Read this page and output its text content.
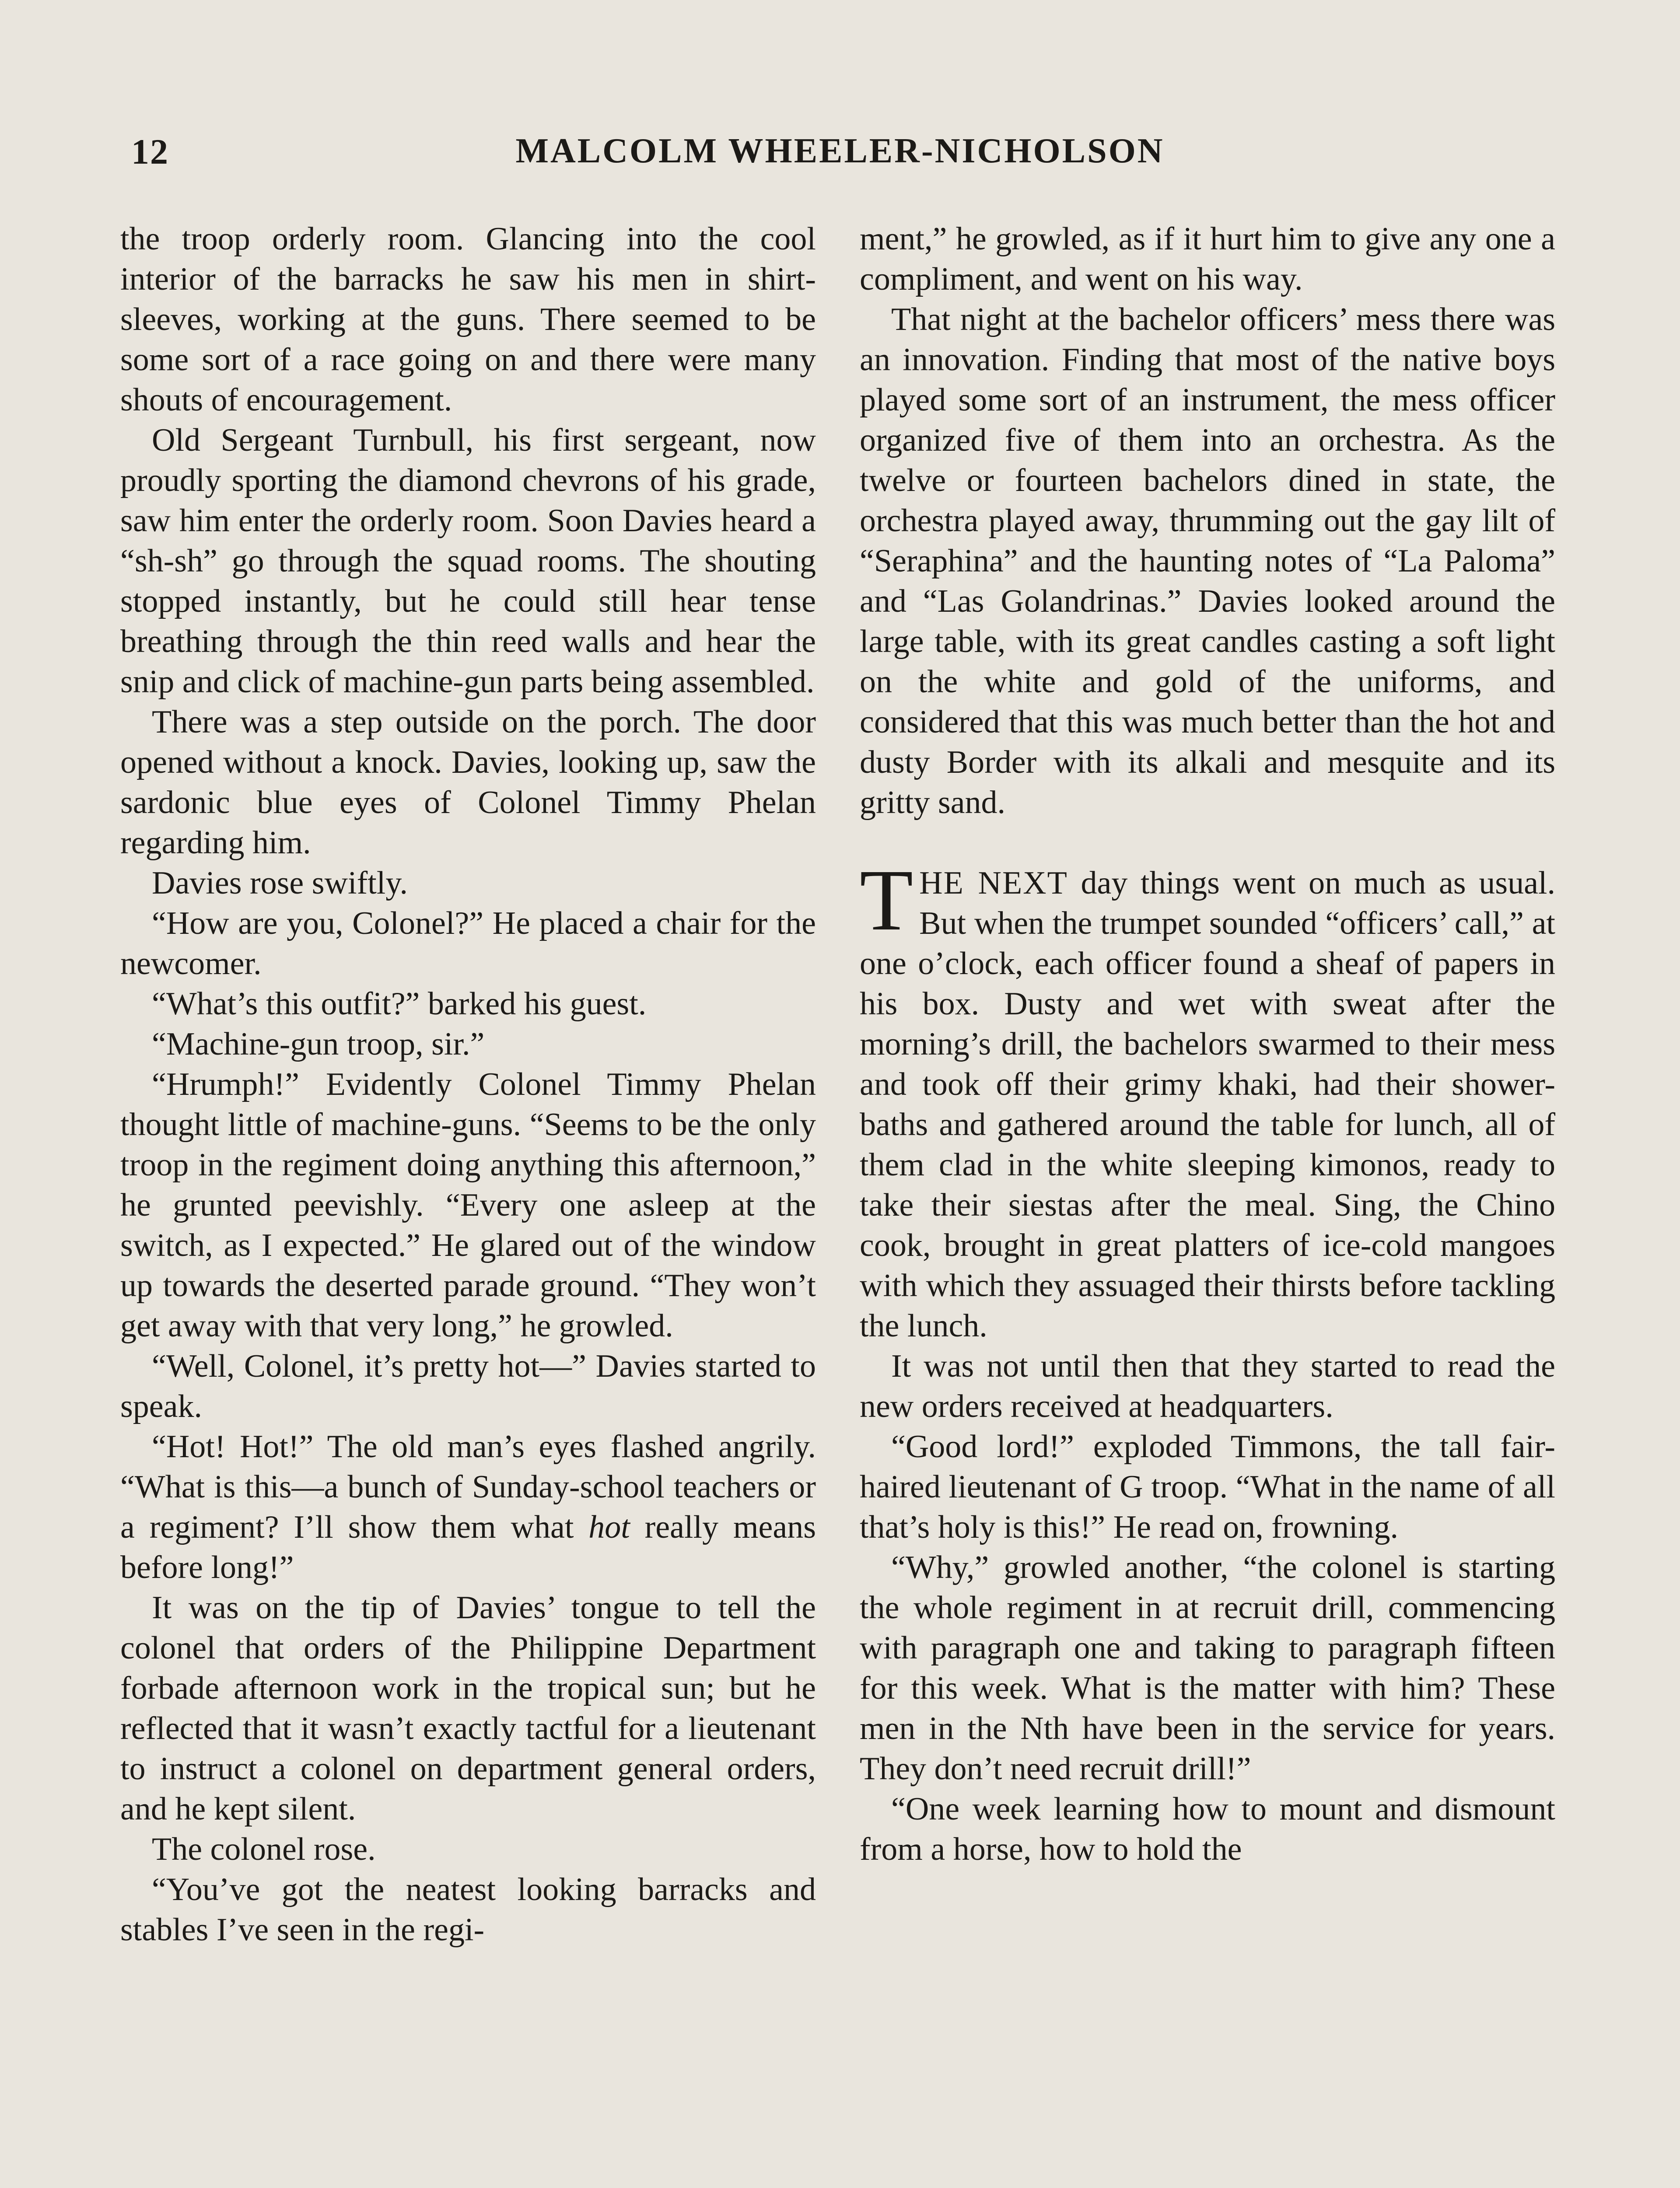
12	MALCOLM WHEELER-NICHOLSON

the troop orderly room. Glancing into the cool interior of the barracks he saw his men in shirt-sleeves, working at the guns. There seemed to be some sort of a race going on and there were many shouts of encouragement.

Old Sergeant Turnbull, his first sergeant, now proudly sporting the diamond chevrons of his grade, saw him enter the orderly room. Soon Davies heard a “sh-sh” go through the squad rooms. The shouting stopped instantly, but he could still hear tense breathing through the thin reed walls and hear the snip and click of machine-gun parts being assembled.

There was a step outside on the porch. The door opened without a knock. Davies, looking up, saw the sardonic blue eyes of Colonel Timmy Phelan regarding him.

Davies rose swiftly.

“How are you, Colonel?” He placed a chair for the newcomer.

“What’s this outfit?” barked his guest.

“Machine-gun troop, sir.”

“Hrumph!” Evidently Colonel Timmy Phelan thought little of machine-guns. “Seems to be the only troop in the regiment doing anything this afternoon,” he grunted peevishly. “Every one asleep at the switch, as I expected.” He glared out of the window up towards the deserted parade ground. “They won’t get away with that very long,” he growled.

“Well, Colonel, it’s pretty hot—” Davies started to speak.

“Hot! Hot!” The old man’s eyes flashed angrily. “What is this—a bunch of Sunday-school teachers or a regiment? I’ll show them what hot really means before long!”

It was on the tip of Davies’ tongue to tell the colonel that orders of the Philippine Department forbade afternoon work in the tropical sun; but he reflected that it wasn’t exactly tactful for a lieutenant to instruct a colonel on department general orders, and he kept silent.

The colonel rose.

“You’ve got the neatest looking barracks and stables I’ve seen in the regi-

ment,” he growled, as if it hurt him to give any one a compliment, and went on his way.

That night at the bachelor officers’ mess there was an innovation. Finding that most of the native boys played some sort of an instrument, the mess officer organized five of them into an orchestra. As the twelve or fourteen bachelors dined in state, the orchestra played away, thrumming out the gay lilt of “Seraphina” and the haunting notes of “La Paloma” and “Las Golandrinas.” Davies looked around the large table, with its great candles casting a soft light on the white and gold of the uniforms, and considered that this was much better than the hot and dusty Border with its alkali and mesquite and its gritty sand.

THE NEXT day things went on much as usual. But when the trumpet sounded “officers’ call,” at one o’clock, each officer found a sheaf of papers in his box. Dusty and wet with sweat after the morning’s drill, the bachelors swarmed to their mess and took off their grimy khaki, had their shower-baths and gathered around the table for lunch, all of them clad in the white sleeping kimonos, ready to take their siestas after the meal. Sing, the Chino cook, brought in great platters of ice-cold mangoes with which they assuaged their thirsts before tackling the lunch.

It was not until then that they started to read the new orders received at headquarters.

“Good lord!” exploded Timmons, the tall fair-haired lieutenant of G troop. “What in the name of all that’s holy is this!” He read on, frowning.

“Why,” growled another, “the colonel is starting the whole regiment in at recruit drill, commencing with paragraph one and taking to paragraph fifteen for this week. What is the matter with him? These men in the Nth have been in the service for years. They don’t need recruit drill!”

“One week learning how to mount and dismount from a horse, how to hold the
